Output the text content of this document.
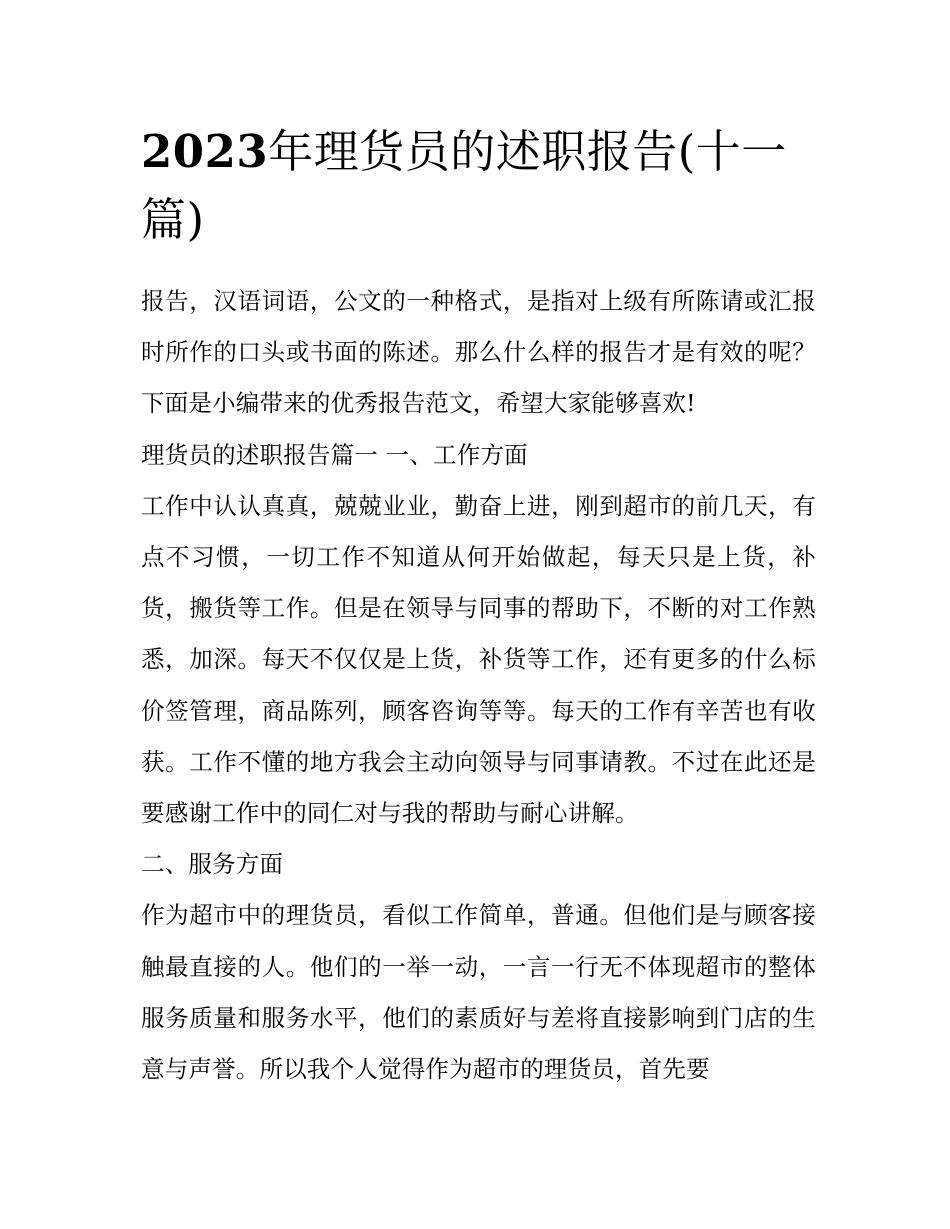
2023年理货员的述职报告(十一篇)

报告，汉语词语，公文的一种格式，是指对上级有所陈请或汇报时所作的口头或书面的陈述。那么什么样的报告才是有效的呢？下面是小编带来的优秀报告范文，希望大家能够喜欢!

理货员的述职报告篇一 一、工作方面

工作中认认真真，兢兢业业，勤奋上进，刚到超市的前几天，有点不习惯，一切工作不知道从何开始做起，每天只是上货，补货，搬货等工作。但是在领导与同事的帮助下，不断的对工作熟悉，加深。每天不仅仅是上货，补货等工作，还有更多的什么标价签管理，商品陈列，顾客咨询等等。每天的工作有辛苦也有收获。工作不懂的地方我会主动向领导与同事请教。不过在此还是要感谢工作中的同仁对与我的帮助与耐心讲解。

二、服务方面

作为超市中的理货员，看似工作简单，普通。但他们是与顾客接触最直接的人。他们的一举一动，一言一行无不体现超市的整体服务质量和服务水平，他们的素质好与差将直接影响到门店的生意与声誉。所以我个人觉得作为超市的理货员，首先要
